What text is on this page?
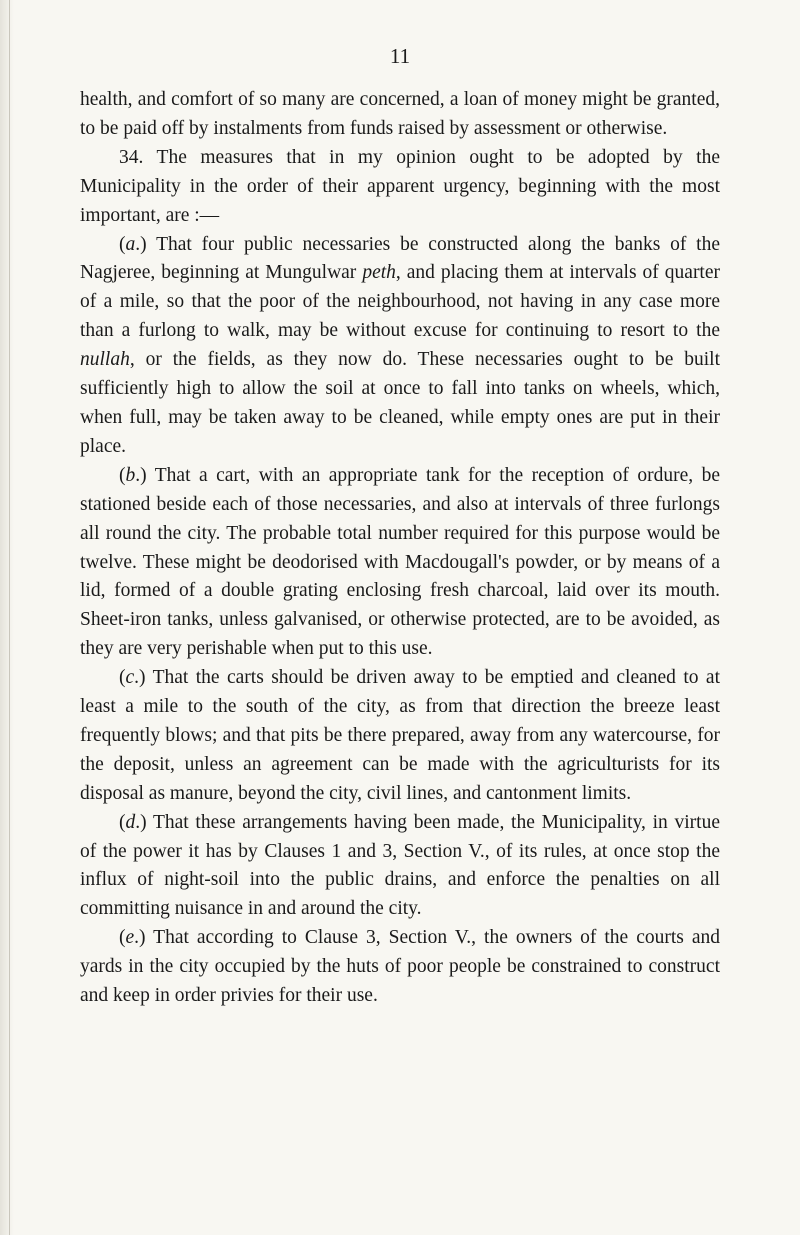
11

health, and comfort of so many are concerned, a loan of money might be granted, to be paid off by instalments from funds raised by assessment or otherwise.

34. The measures that in my opinion ought to be adopted by the Municipality in the order of their apparent urgency, beginning with the most important, are :—

(a.) That four public necessaries be constructed along the banks of the Nagjeree, beginning at Mungulwar peth, and placing them at intervals of quarter of a mile, so that the poor of the neighbourhood, not having in any case more than a furlong to walk, may be without excuse for continuing to resort to the nullah, or the fields, as they now do. These necessaries ought to be built sufficiently high to allow the soil at once to fall into tanks on wheels, which, when full, may be taken away to be cleaned, while empty ones are put in their place.

(b.) That a cart, with an appropriate tank for the reception of ordure, be stationed beside each of those necessaries, and also at intervals of three furlongs all round the city. The probable total number required for this purpose would be twelve. These might be deodorised with Macdougall's powder, or by means of a lid, formed of a double grating enclosing fresh charcoal, laid over its mouth. Sheet-iron tanks, unless galvanised, or otherwise protected, are to be avoided, as they are very perishable when put to this use.

(c.) That the carts should be driven away to be emptied and cleaned to at least a mile to the south of the city, as from that direction the breeze least frequently blows; and that pits be there prepared, away from any watercourse, for the deposit, unless an agreement can be made with the agriculturists for its disposal as manure, beyond the city, civil lines, and cantonment limits.

(d.) That these arrangements having been made, the Municipality, in virtue of the power it has by Clauses 1 and 3, Section V., of its rules, at once stop the influx of night-soil into the public drains, and enforce the penalties on all committing nuisance in and around the city.

(e.) That according to Clause 3, Section V., the owners of the courts and yards in the city occupied by the huts of poor people be constrained to construct and keep in order privies for their use.
